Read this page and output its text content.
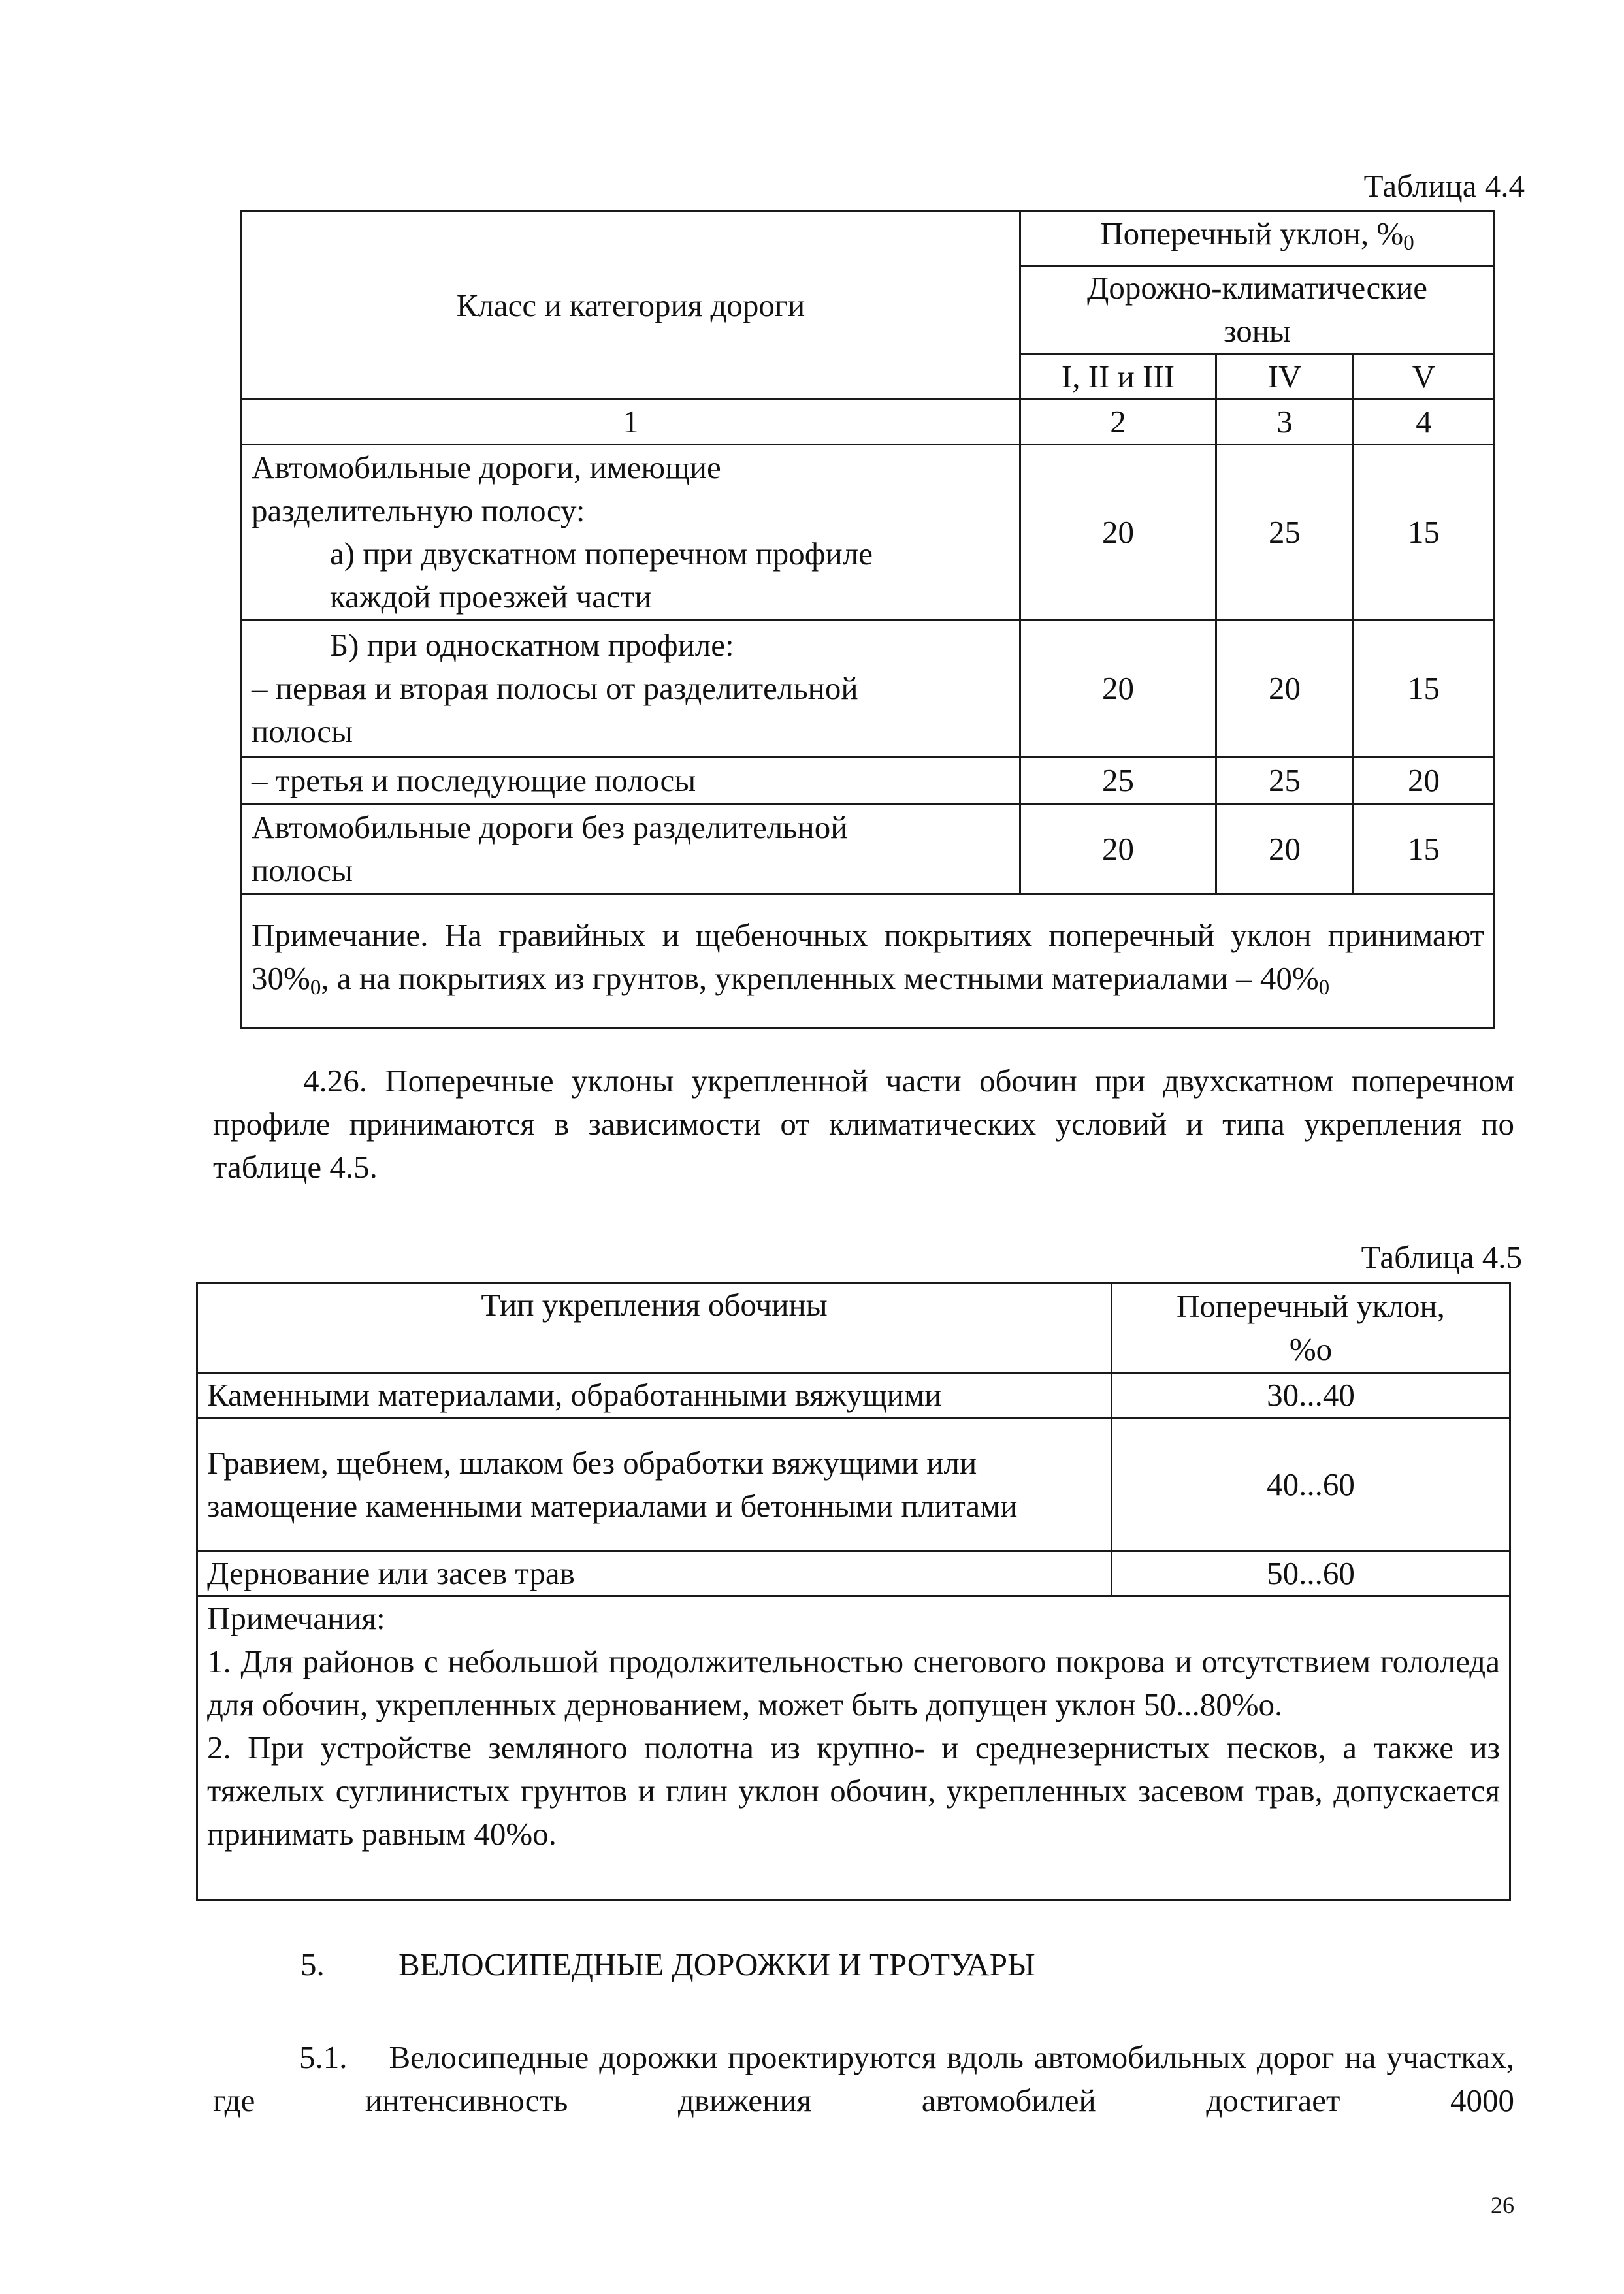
Таблица 4.4
Класс и категория дороги	Поперечный уклон, %0		

	Дорожно-климатические
зоны		

	I, II и III	IV	V
1	2	3	4

Автомобильные дороги, имеющие
разделительную полосу:
а) при двускатном поперечном профиле
каждой проезжей части	20	25	15

Б) при односкатном профиле:
– первая и вторая полосы от разделительной
полосы	20	20	15

– третья и последующие полосы	25	25	20

Автомобильные дороги без разделительной
полосы	20	20	15
Примечание. На гравийных и щебеночных покрытиях поперечный уклон принимают 30%0, а на покрытиях из грунтов, укрепленных местными материалами – 40%0			
4.26. Поперечные уклоны укрепленной части обочин при двухскатном поперечном профиле принимаются в зависимости от климатических условий и типа укрепления по таблице 4.5.
Таблица 4.5
Тип укрепления обочины	Поперечный уклон,
%о

Каменными материалами, обработанными вяжущими	30...40
Гравием, щебнем, шлаком без обработки вяжущими или замощение каменными материалами и бетонными плитами	40...60
Дернование или засев трав	50...60

Примечания:
1. Для районов с небольшой продолжительностью снегового покрова и отсутствием гололеда для обочин, укрепленных дернованием, может быть допущен уклон 50...80%о.
2. При устройстве земляного полотна из крупно- и среднезернистых песков, а также из тяжелых суглинистых грунтов и глин уклон обочин, укрепленных засевом трав, допускается принимать равным 40%о.	
5. ВЕЛОСИПЕДНЫЕ ДОРОЖКИ И ТРОТУАРЫ
5.1. Велосипедные дорожки проектируются вдоль автомобильных дорог на участках, где интенсивность движения автомобилей достигает 4000
26
